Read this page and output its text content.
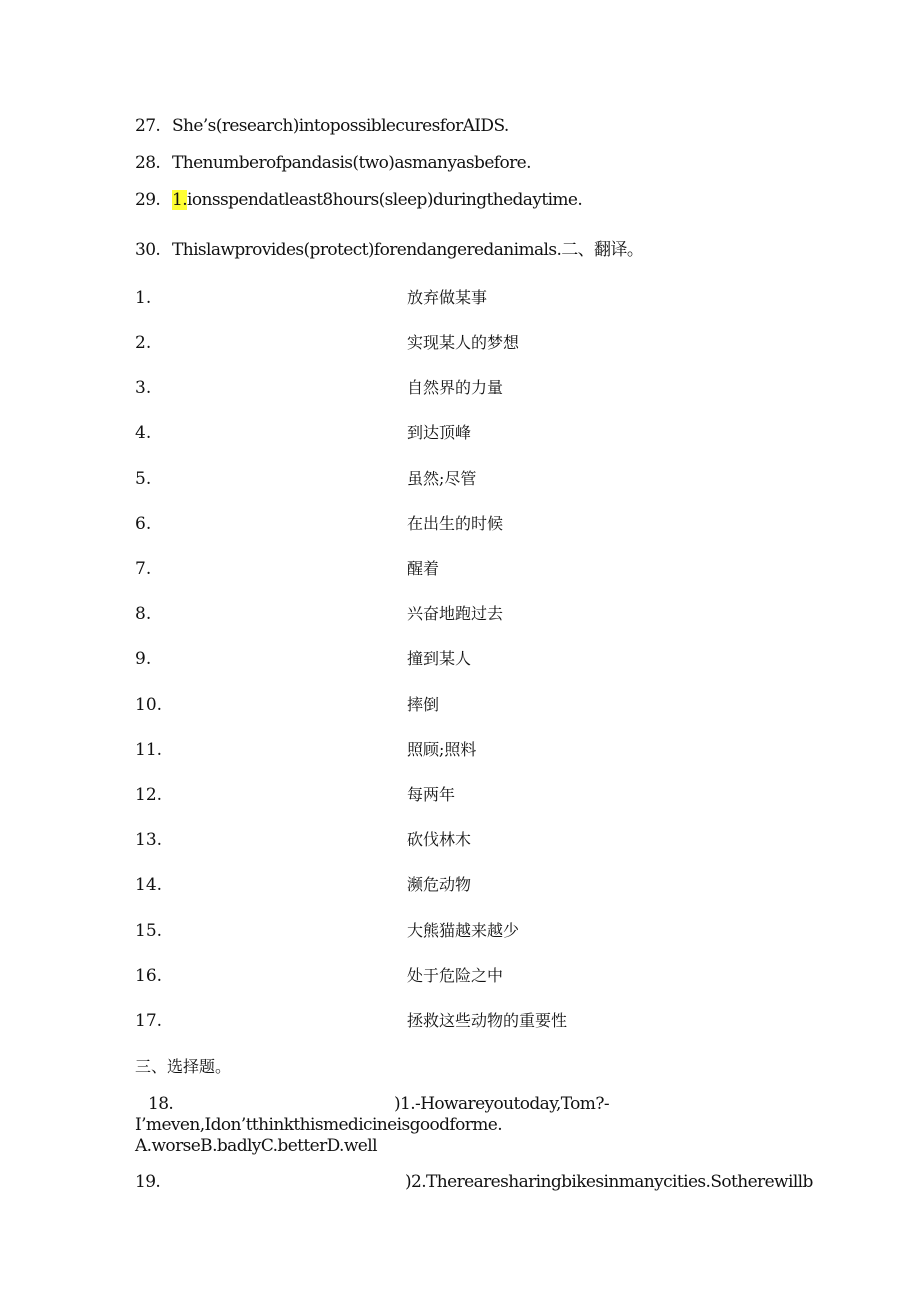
27. She’s(research)intopossiblecuresforAIDS.
28. Thenumberofpandasis(two)asmanyasbefore.
29. 1.ionsspendatleast8hours(sleep)duringthedaytime.
30. Thislawprovides(protect)forendangeredanimals.二、翻译。
1.	放弃做某事
2.	实现某人的梦想
3.	自然界的力量
4.	到达顶峰
5.	虽然;尽管
6.	在出生的时候
7.	醒着
8.	兴奋地跑过去
9.	撞到某人
10.	摔倒
11.	照顾;照料
12.	每两年
13.	砍伐林木
14.	濒危动物
15.	大熊猫越来越少
16.	处于危险之中
17.	拯救这些动物的重要性
三、选择题。
18.	)1.-Howareyoutoday,Tom?-
I’meven,Idon’tthinkthismedicineisgoodforme.
A.worseB.badlyC.betterD.well
19.	)2.Therearesharingbikesinmanycities.Sotherewillb
